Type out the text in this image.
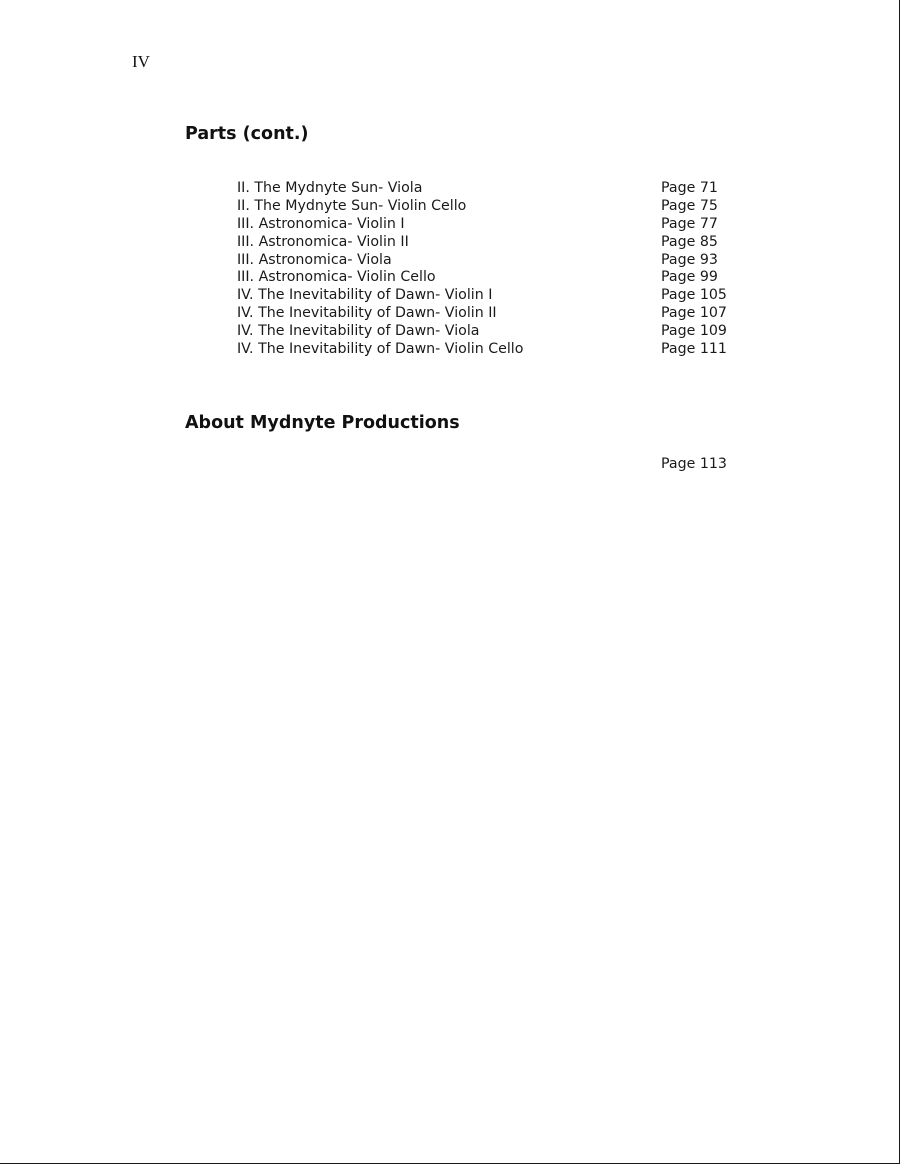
IV
Parts (cont.)
II. The Mydnyte Sun- Viola	Page 71
II. The Mydnyte Sun- Violin Cello	Page 75
III. Astronomica- Violin I	Page 77
III. Astronomica- Violin II	Page 85
III. Astronomica- Viola	Page 93
III. Astronomica- Violin Cello	Page 99
IV. The Inevitability of Dawn- Violin I	Page 105
IV. The Inevitability of Dawn- Violin II	Page 107
IV. The Inevitability of Dawn- Viola	Page 109
IV. The Inevitability of Dawn- Violin Cello	Page 111
About Mydnyte Productions
Page 113
